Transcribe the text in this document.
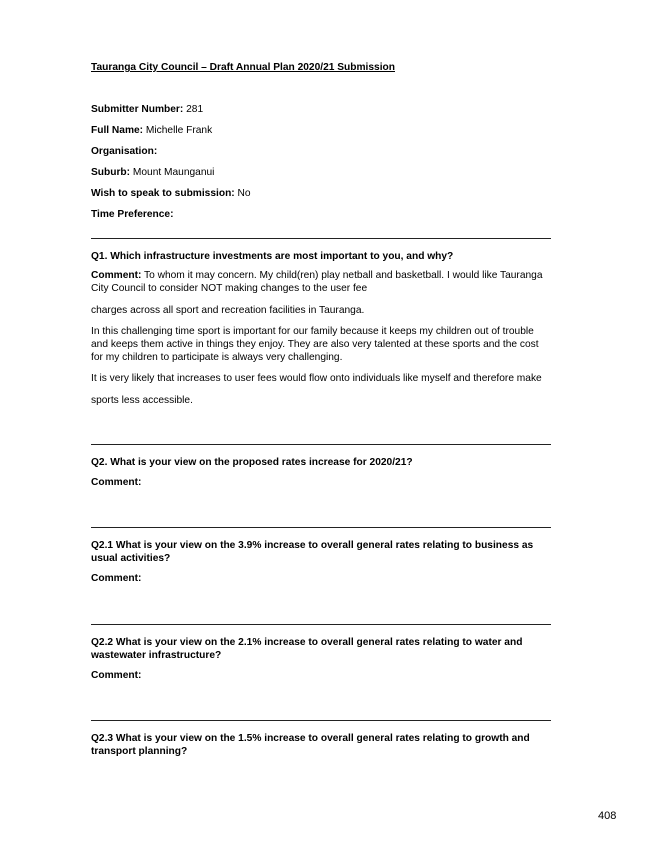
Tauranga City Council – Draft Annual Plan 2020/21 Submission
Submitter Number: 281
Full Name: Michelle Frank
Organisation:
Suburb: Mount Maunganui
Wish to speak to submission: No
Time Preference:
Q1. Which infrastructure investments are most important to you, and why?
Comment: To whom it may concern. My child(ren) play netball and basketball. I would like Tauranga
City Council to consider NOT making changes to the user fee
charges across all sport and recreation facilities in Tauranga.
In this challenging time sport is important for our family because it keeps my children out of trouble
and keeps them active in things they enjoy. They are also very talented at these sports and the cost
for my children to participate is always very challenging.
It is very likely that increases to user fees would flow onto individuals like myself and therefore make
sports less accessible.
Q2. What is your view on the proposed rates increase for 2020/21?
Comment:
Q2.1 What is your view on the 3.9% increase to overall general rates relating to business as
usual activities?
Comment:
Q2.2 What is your view on the 2.1% increase to overall general rates relating to water and
wastewater infrastructure?
Comment:
Q2.3 What is your view on the 1.5% increase to overall general rates relating to growth and
transport planning?
408
